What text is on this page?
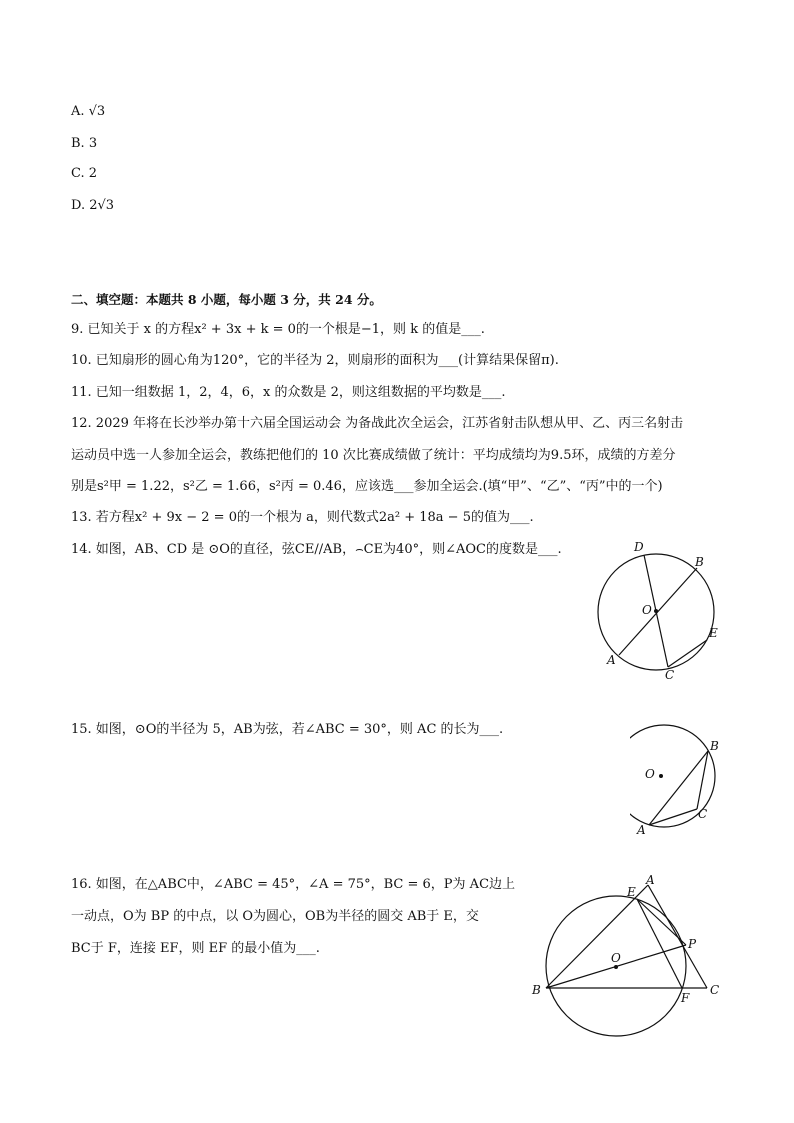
A. √3
B. 3
C. 2
D. 2√3
二、填空题：本题共 8 小题，每小题 3 分，共 24 分。
9. 已知关于 x 的方程x² + 3x + k = 0的一个根是−1，则 k 的值是___.
10. 已知扇形的圆心角为120°，它的半径为 2，则扇形的面积为___(计算结果保留π).
11. 已知一组数据 1，2，4，6，x 的众数是 2，则这组数据的平均数是___.
12. 2029 年将在长沙举办第十六届全国运动会 为备战此次全运会，江苏省射击队想从甲、乙、丙三名射击
运动员中选一人参加全运会，教练把他们的 10 次比赛成绩做了统计：平均成绩均为9.5环，成绩的方差分
别是s²甲 = 1.22，s²乙 = 1.66，s²丙 = 0.46，应该选___参加全运会.(填“甲”、“乙”、“丙”中的一个)
13. 若方程x² + 9x − 2 = 0的一个根为 a，则代数式2a² + 18a − 5的值为___.
14. 如图，AB、CD 是 ⊙O的直径，弦CE//AB，⌢CE为40°，则∠AOC的度数是___.
15. 如图，⊙O的半径为 5，AB为弦，若∠ABC = 30°，则 AC 的长为___.
16. 如图，在△ABC中，∠ABC = 45°，∠A = 75°，BC = 6，P为 AC边上
一动点，O为 BP 的中点，以 O为圆心，OB为半径的圆交 AB于 E，交
BC于 F，连接 EF，则 EF 的最小值为___.
D
B
O
E
A
C
O
B
C
A
E
A
P
O
B
F
C
